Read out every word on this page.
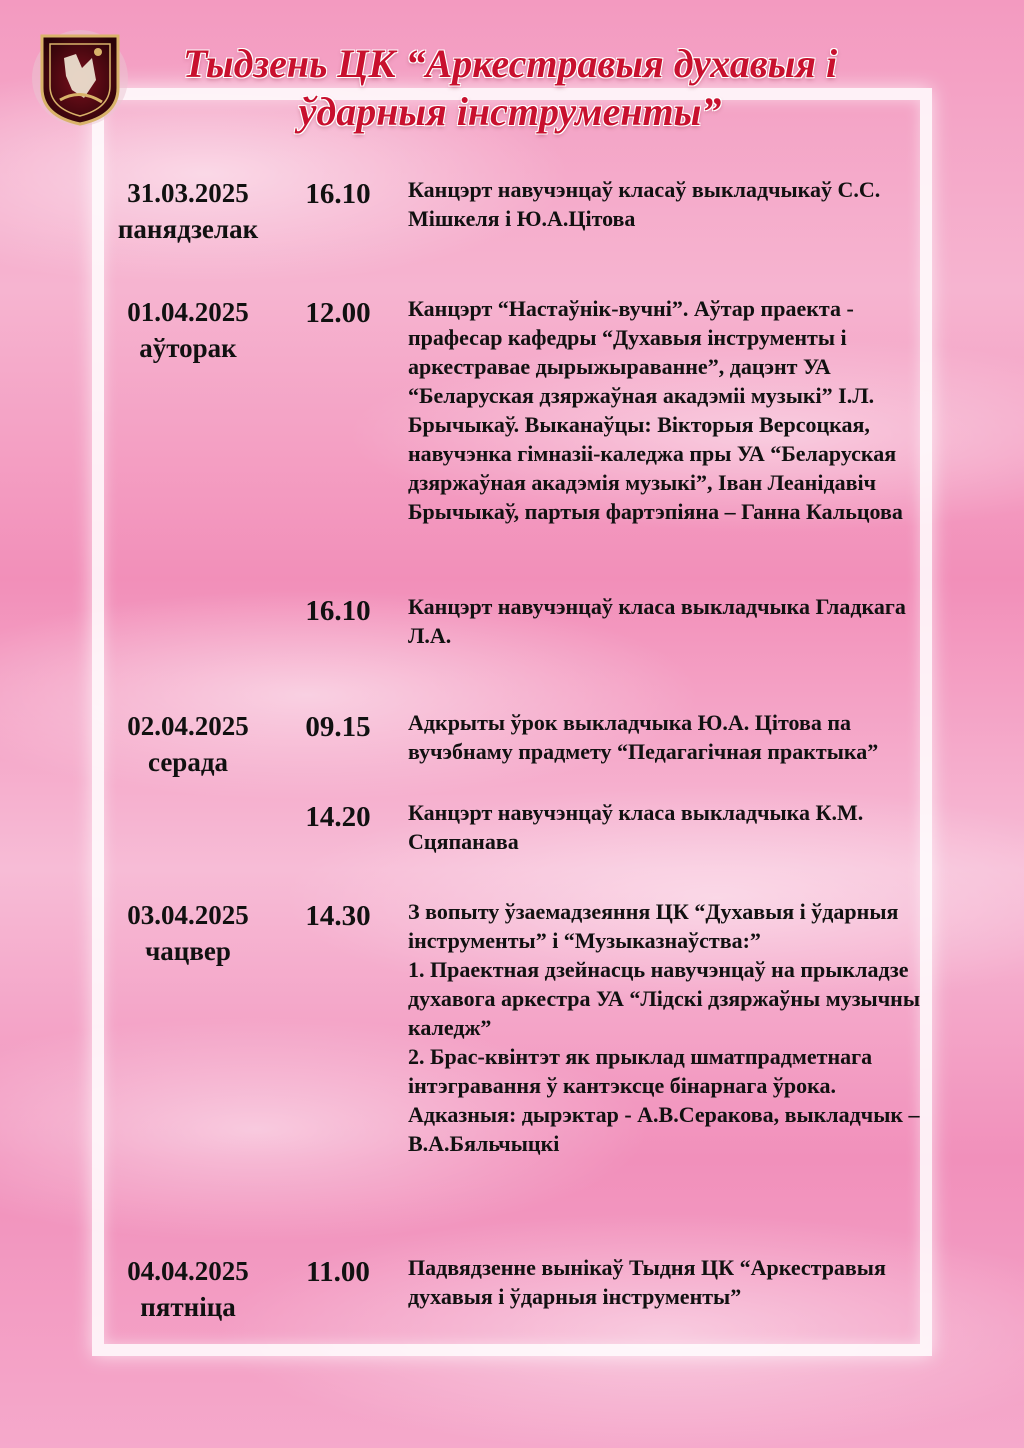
Тыдзень ЦК “Аркестравыя духавыя і ўдарныя інструменты”
31.03.2025
панядзелак
16.10	Канцэрт навучэнцаў класаў выкладчыкаў С.С. Мішкеля і Ю.А.Цітова
01.04.2025
аўторак
12.00	Канцэрт “Настаўнік-вучні”. Аўтар праекта - прафесар кафедры “Духавыя інструменты і аркестравае дырыжыраванне”, дацэнт УА “Беларуская дзяржаўная акадэміі музыкі” І.Л. Брычыкаў. Выканаўцы: Вікторыя Версоцкая, навучэнка гімназіі-каледжа пры УА “Беларуская дзяржаўная акадэмія музыкі”, Іван Леанідавіч Брычыкаў, партыя фартэпіяна – Ганна Кальцова
16.10	Канцэрт навучэнцаў класа выкладчыка Гладкага Л.А.
02.04.2025
серада
09.15	Адкрыты ўрок выкладчыка Ю.А. Цітова па вучэбнаму прадмету “Педагагічная практыка”
14.20	Канцэрт навучэнцаў класа выкладчыка К.М. Сцяпанава
03.04.2025
чацвер
14.30	З вопыту ўзаемадзеяння ЦК “Духавыя і ўдарныя інструменты” і “Музыказнаўства:”
1. Праектная дзейнасць навучэнцаў на прыкладзе духавога аркестра УА “Лідскі дзяржаўны музычны каледж”
2. Брас-квінтэт як прыклад шматпрадметнага інтэгравання ў кантэксце бінарнага ўрока. Адказныя: дырэктар - А.В.Серакова, выкладчык – В.А.Бяльчыцкі
04.04.2025
пятніца
11.00	Падвядзенне вынікаў Тыдня ЦК “Аркестравыя духавыя і ўдарныя інструменты”
